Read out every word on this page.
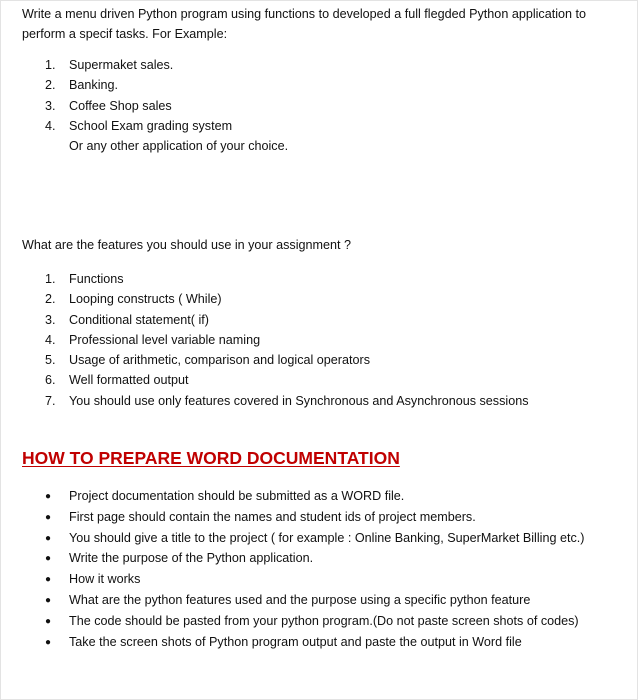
Write a menu driven Python program using functions to developed a full flegded Python application to perform a specif tasks. For Example:

1. Supermaket sales.
2. Banking.
3. Coffee Shop sales
4. School Exam grading system
Or any other application of your choice.
What are the features you should use in your assignment ?
1. Functions
2. Looping constructs ( While)
3. Conditional statement( if)
4. Professional level variable naming
5. Usage of arithmetic, comparison and logical operators
6. Well formatted output
7. You should use only features covered in Synchronous and Asynchronous sessions
HOW TO PREPARE WORD DOCUMENTATION
● Project documentation should be submitted as a WORD file.
● First page should contain the names and student ids of project members.
● You should give a title to the project ( for example : Online Banking, SuperMarket Billing etc.)
● Write the purpose of the Python application.
● How it works
● What are the python features used and the purpose using a specific python feature
● The code should be pasted from your python program.(Do not paste screen shots of codes)
● Take the screen shots of Python program output and paste the output in Word file
